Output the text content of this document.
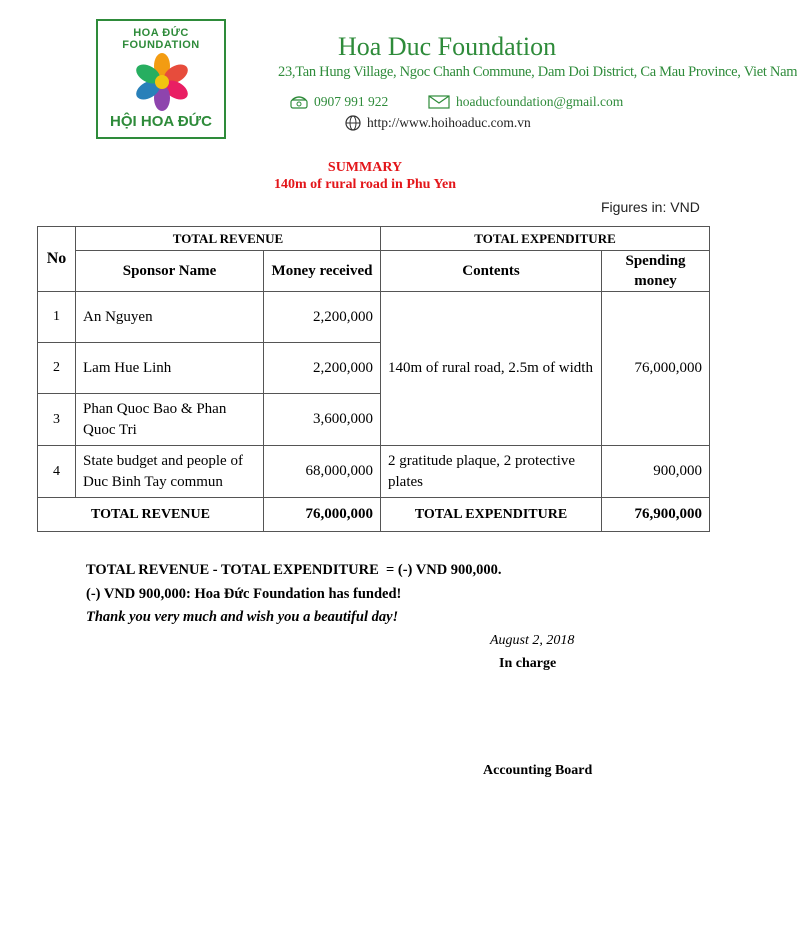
HOA ĐỨC FOUNDATION
HỘI HOA ĐỨC
Hoa Duc Foundation
23,Tan Hung Village, Ngoc Chanh Commune, Dam Doi District, Ca Mau Province, Viet Nam
0907 991 922	hoaducfoundation@gmail.com
http://www.hoihoaduc.com.vn
SUMMARY
140m of rural road in Phu Yen
Figures in: VND
No	TOTAL REVENUE		TOTAL EXPENDITURE	
	Sponsor Name	Money received	Contents	Spending money
1	An Nguyen	2,200,000	140m of rural road, 2.5m of width	76,000,000
2	Lam Hue Linh	2,200,000		
3	Phan Quoc Bao & Phan Quoc Tri	3,600,000		
4	State budget and people of Duc Binh Tay commun	68,000,000	2 gratitude plaque, 2 protective plates	900,000
TOTAL REVENUE		76,000,000	TOTAL EXPENDITURE	76,900,000
TOTAL REVENUE - TOTAL EXPENDITURE  = (-) VND 900,000.
(-) VND 900,000: Hoa Đức Foundation has funded!
Thank you very much and wish you a beautiful day!
August 2, 2018
In charge
Accounting Board
